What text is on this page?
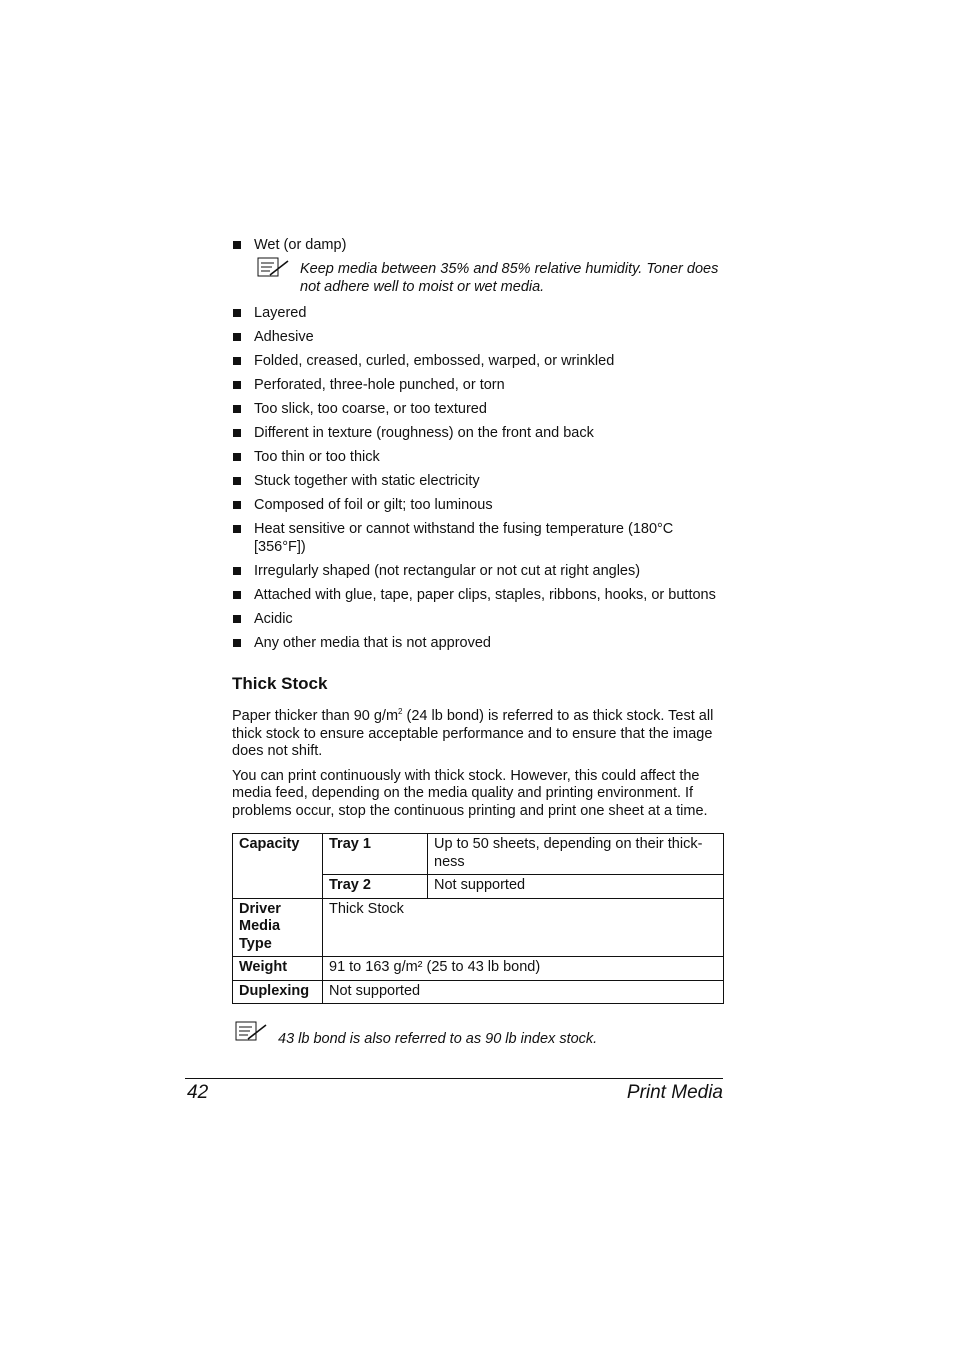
Wet (or damp)
Keep media between 35% and 85% relative humidity. Toner does not adhere well to moist or wet media.
Layered
Adhesive
Folded, creased, curled, embossed, warped, or wrinkled
Perforated, three-hole punched, or torn
Too slick, too coarse, or too textured
Different in texture (roughness) on the front and back
Too thin or too thick
Stuck together with static electricity
Composed of foil or gilt; too luminous
Heat sensitive or cannot withstand the fusing temperature (180°C [356°F])
Irregularly shaped (not rectangular or not cut at right angles)
Attached with glue, tape, paper clips, staples, ribbons, hooks, or buttons
Acidic
Any other media that is not approved
Thick Stock

Paper thicker than 90 $g/m^2$ (24 lb bond) is referred to as thick stock. Test all thick stock to ensure acceptable performance and to ensure that the image does not shift.

You can print continuously with thick stock. However, this could affect the media feed, depending on the media quality and printing environment. If problems occur, stop the continuous printing and print one sheet at a time.

Capacity	Tray 1	Up to 50 sheets, depending on their thick-ness
	Tray 2	Not supported
Driver Media Type	Thick Stock	
Weight	91 to 163 g/m² (25 to 43 lb bond)	
Duplexing	Not supported	
43 lb bond is also referred to as 90 lb index stock.
42	Print Media
